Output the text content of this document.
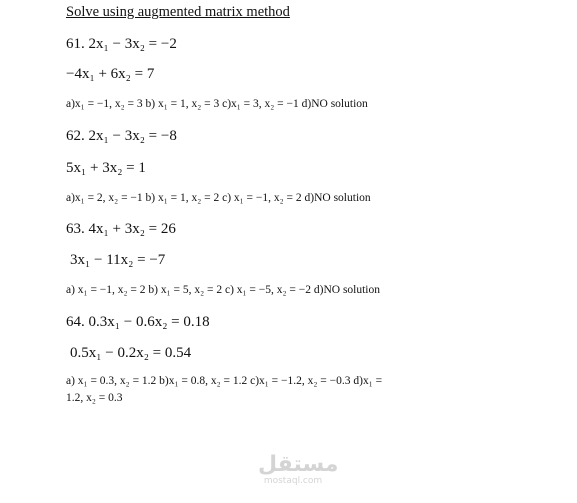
Solve using augmented matrix method
61. 2x₁ − 3x₂ = −2
−4x₁ + 6x₂ = 7
a)x₁ = −1, x₂ = 3 b) x₁ = 1, x₂ = 3 c)x₁ = 3, x₂ = −1 d)NO solution
62. 2x₁ − 3x₂ = −8
5x₁ + 3x₂ = 1
a)x₁ = 2, x₂ = −1 b) x₁ = 1, x₂ = 2 c) x₁ = −1, x₂ = 2 d)NO solution
63. 4x₁ + 3x₂ = 26
3x₁ − 11x₂ = −7
a) x₁ = −1, x₂ = 2 b) x₁ = 5, x₂ = 2 c) x₁ = −5, x₂ = −2 d)NO solution
64. 0.3x₁ − 0.6x₂ = 0.18
0.5x₁ − 0.2x₂ = 0.54
a) x₁ = 0.3, x₂ = 1.2 b)x₁ = 0.8, x₂ = 1.2 c)x₁ = −1.2, x₂ = −0.3 d)x₁ =
1.2, x₂ = 0.3
مستقل
mostaql.com
